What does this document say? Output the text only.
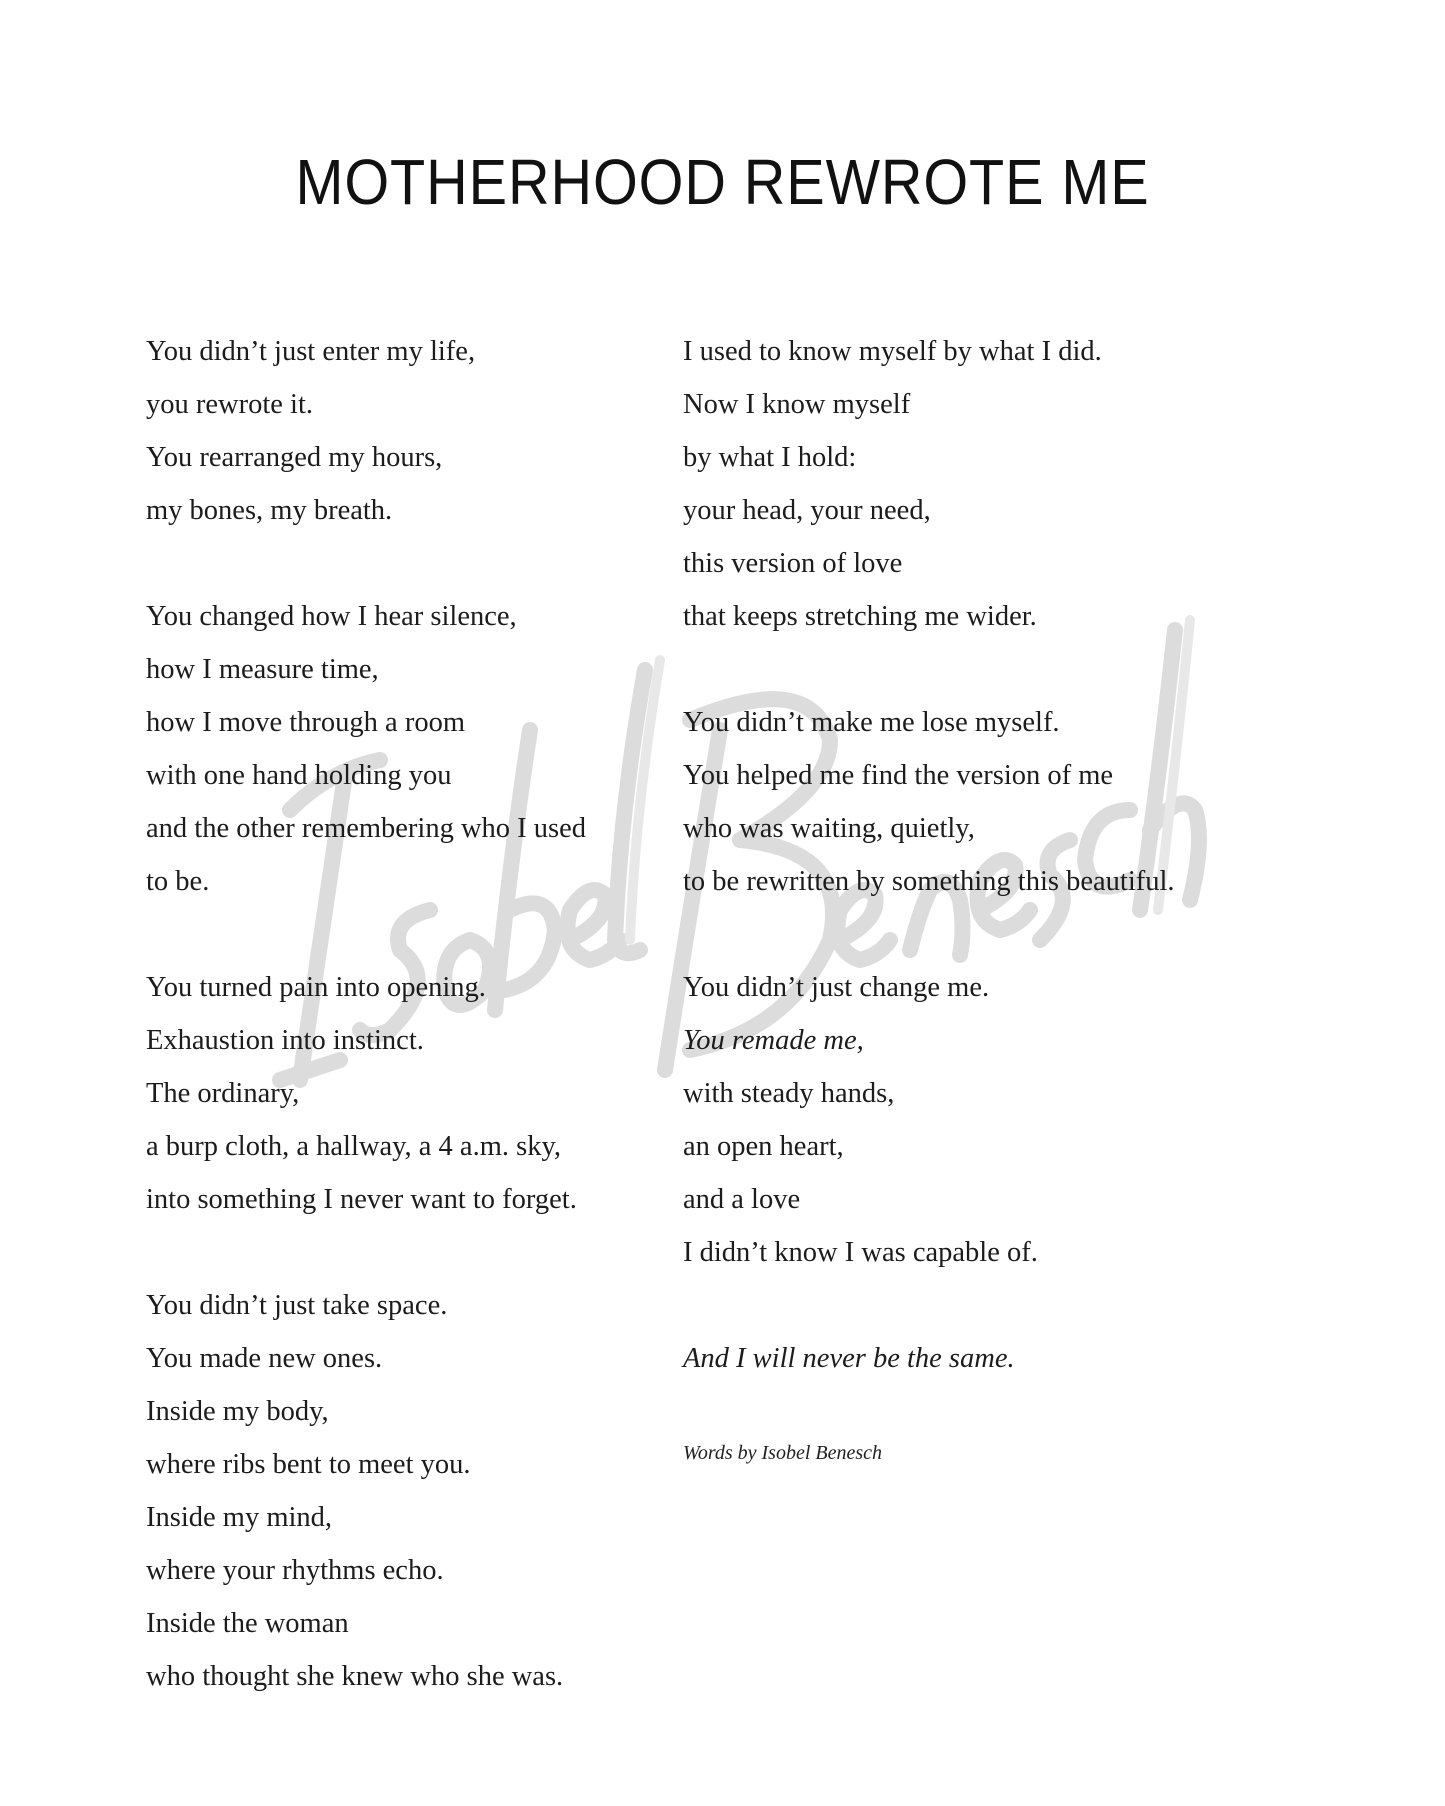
MOTHERHOOD REWROTE ME
You didn’t just enter my life,
you rewrote it.
You rearranged my hours,
my bones, my breath.
You changed how I hear silence,
how I measure time,
how I move through a room
with one hand holding you
and the other remembering who I used
to be.
You turned pain into opening.
Exhaustion into instinct.
The ordinary,
a burp cloth, a hallway, a 4 a.m. sky,
into something I never want to forget.
You didn’t just take space.
You made new ones.
Inside my body,
where ribs bent to meet you.
Inside my mind,
where your rhythms echo.
Inside the woman
who thought she knew who she was.
I used to know myself by what I did.
Now I know myself
by what I hold:
your head, your need,
this version of love
that keeps stretching me wider.
You didn’t make me lose myself.
You helped me find the version of me
who was waiting, quietly,
to be rewritten by something this beautiful.
You didn’t just change me.
You remade me,
with steady hands,
an open heart,
and a love
I didn’t know I was capable of.
And I will never be the same.
Words by Isobel Benesch
